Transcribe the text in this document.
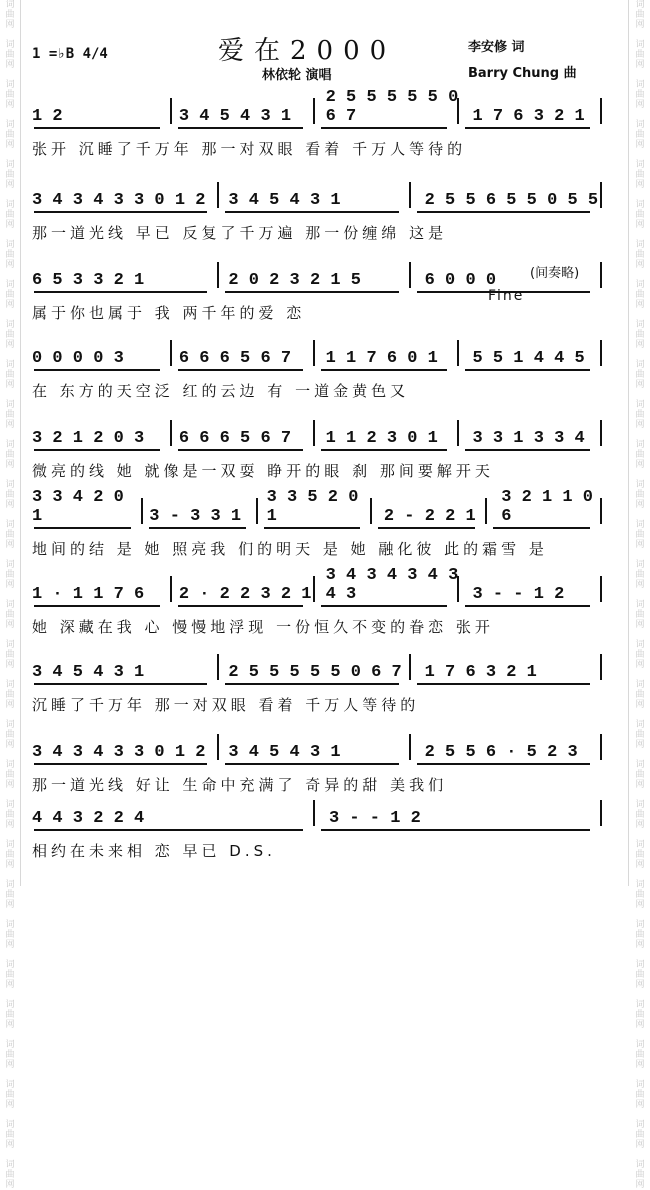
词
曲
网

词
曲
网

词
曲
网

词
曲
网

词
曲
网

词
曲
网

词
曲
网

词
曲
网

词
曲
网

词
曲
网

词
曲
网

词
曲
网

词
曲
网

词
曲
网

词
曲
网

词
曲
网

词
曲
网

词
曲
网

词
曲
网

词
曲
网

词
曲
网

词
曲
网

词
曲
网

词
曲
网

词
曲
网

词
曲
网

词
曲
网

词
曲
网

词
曲
网

词
曲
网

词
曲
网

词
曲
网

词
曲
网

词
曲
网

词
曲
网

词
曲
网

词
曲
网

词
曲
网

词
曲
网

词
曲
网

词
曲
网

词
曲
网

词
曲
网

词
曲
网

词
曲
网

词
曲
网

词
曲
网

词
曲
网

词
曲
网

词
曲
网

词
曲
网

词
曲
网

词
曲
网

词
曲
网

词
曲
网

词
曲
网

词
曲
网

词
曲
网

词
曲
网

词
曲
网

1 =♭B 4/4	爱在2000	李安修 词
林依轮 演唱	Barry Chung 曲
1 2	3 4 5 4 3 1
2 5 5 5 5 5 0 6 7	1 7 6 3 2 1
张开 沉睡了千万年 那一对双眼 看着 千万人等待的
3 4 3 4 3 3 0 1 2	3 4 5 4 3 1	2 5 5 6 5 5 0 5 5
那一道光线 早已 反复了千万遍 那一份缠绵 这是
6 5 3 3 2 1	2 0 2 3 2 1 5	6 0 0 0
属于你也属于 我 两千年的爱 恋
0 0 0 0 3	6 6 6 5 6 7	1 1 7 6 0 1	5 5 1 4 4 5
在 东方的天空泛 红的云边 有 一道金黄色又
3 2 1 2 0 3	6 6 6 5 6 7	1 1 2 3 0 1	3 3 1 3 3 4
微亮的线 她 就像是一双耍 睁开的眼 刹 那间要解开天
3 3 4 2 0 1	3 - 3 3 1
3 3 5 2 0 1	2 - 2 2 1
3 2 1 1 0 6
地间的结 是 她 照亮我 们的明天 是 她 融化彼 此的霜雪 是
1 · 1 1 7 6	2 · 2 2 3 2 1
3 4 3 4 3 4 3 4 3	3 - - 1 2
她 深藏在我 心 慢慢地浮现 一份恒久不变的眷恋 张开
3 4 5 4 3 1	2 5 5 5 5 5 0 6 7	1 7 6 3 2 1
沉睡了千万年 那一对双眼 看着 千万人等待的
3 4 3 4 3 3 0 1 2	3 4 5 4 3 1	2 5 5 6 · 5 2 3
那一道光线 好让 生命中充满了 奇异的甜 美我们
4 4 3 2 2 4	3 - - 1 2
相约在未来相 恋 早已 D.S.
Fine
(间奏略)
